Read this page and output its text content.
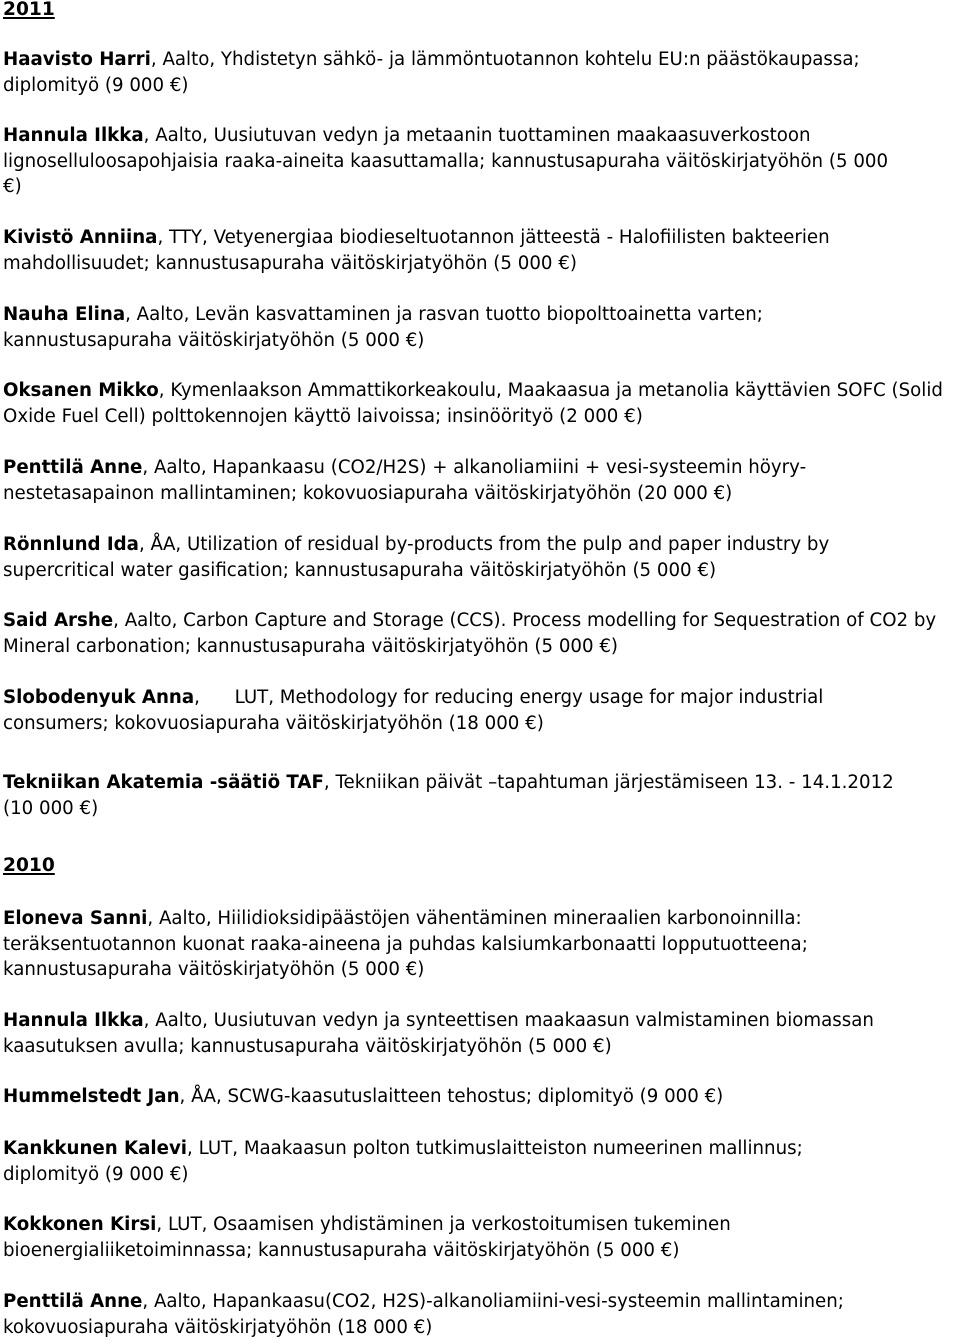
2011

Haavisto Harri, Aalto, Yhdistetyn sähkö- ja lämmöntuotannon kohtelu EU:n päästökaupassa; diplomityö (9 000 €)

Hannula Ilkka, Aalto, Uusiutuvan vedyn ja metaanin tuottaminen maakaasuverkostoon lignoselluloosapohjaisia raaka-aineita kaasuttamalla; kannustusapuraha väitöskirjatyöhön (5 000 €)

Kivistö Anniina, TTY, Vetyenergiaa biodieseltuotannon jätteestä - Halofiilisten bakteerien mahdollisuudet; kannustusapuraha väitöskirjatyöhön (5 000 €)

Nauha Elina, Aalto, Levän kasvattaminen ja rasvan tuotto biopolttoainetta varten; kannustusapuraha väitöskirjatyöhön (5 000 €)

Oksanen Mikko, Kymenlaakson Ammattikorkeakoulu, Maakaasua ja metanolia käyttävien SOFC (Solid Oxide Fuel Cell) polttokennojen käyttö laivoissa; insinöörityö (2 000 €)

Penttilä Anne, Aalto, Hapankaasu (CO2/H2S) + alkanoliamiini + vesi-systeemin höyry-nestetasapainon mallintaminen; kokovuosiapuraha väitöskirjatyöhön (20 000 €)

Rönnlund Ida, ÅA, Utilization of residual by-products from the pulp and paper industry by supercritical water gasification; kannustusapuraha väitöskirjatyöhön (5 000 €)

Said Arshe, Aalto, Carbon Capture and Storage (CCS). Process modelling for Sequestration of CO2 by Mineral carbonation; kannustusapuraha väitöskirjatyöhön (5 000 €)

Slobodenyuk Anna,      LUT, Methodology for reducing energy usage for major industrial consumers; kokovuosiapuraha väitöskirjatyöhön (18 000 €)

Tekniikan Akatemia -säätiö TAF, Tekniikan päivät –tapahtuman järjestämiseen 13. - 14.1.2012 (10 000 €)

2010

Eloneva Sanni, Aalto, Hiilidioksidipäästöjen vähentäminen mineraalien karbonoinnilla: teräksentuotannon kuonat raaka-aineena ja puhdas kalsiumkarbonaatti lopputuotteena; kannustusapuraha väitöskirjatyöhön (5 000 €)

Hannula Ilkka, Aalto, Uusiutuvan vedyn ja synteettisen maakaasun valmistaminen biomassan kaasutuksen avulla; kannustusapuraha väitöskirjatyöhön (5 000 €)

Hummelstedt Jan, ÅA, SCWG-kaasutuslaitteen tehostus; diplomityö (9 000 €)

Kankkunen Kalevi, LUT, Maakaasun polton tutkimuslaitteiston numeerinen mallinnus; diplomityö (9 000 €)

Kokkonen Kirsi, LUT, Osaamisen yhdistäminen ja verkostoitumisen tukeminen bioenergialiiketoiminnassa; kannustusapuraha väitöskirjatyöhön (5 000 €)

Penttilä Anne, Aalto, Hapankaasu(CO2, H2S)-alkanoliamiini-vesi-systeemin mallintaminen; kokovuosiapuraha väitöskirjatyöhön (18 000 €)
